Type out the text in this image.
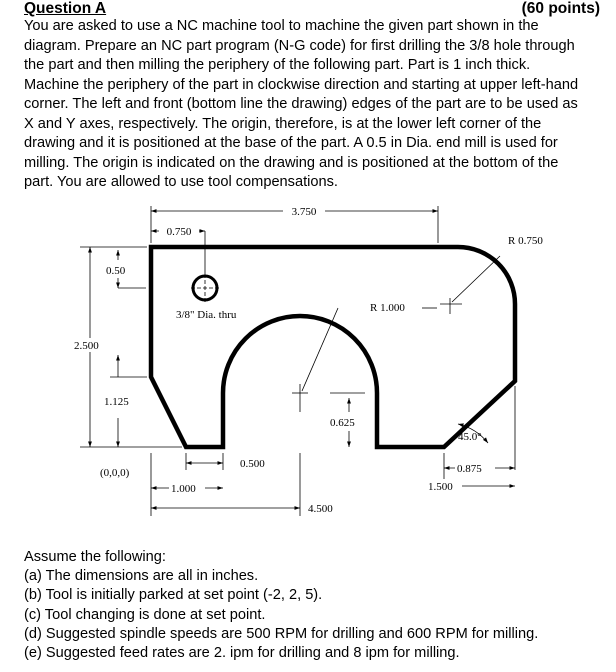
Question A	(60 points)
You are asked to use a NC machine tool to machine the given part shown in the
diagram. Prepare an NC part program (N-G code) for first drilling the 3/8 hole through
the part and then milling the periphery of the following part. Part is 1 inch thick.
Machine the periphery of the part in clockwise direction and starting at upper left-hand
corner. The left and front (bottom line the drawing) edges of the part are to be used as
X and Y axes, respectively. The origin, therefore, is at the lower left corner of the
drawing and it is positioned at the base of the part. A 0.5 in Dia. end mill is used for
milling. The origin is indicated on the drawing and is positioned at the bottom of the
part. You are allowed to use tool compensations.
3.750
0.750
R 0.750
0.50
3/8" Dia. thru
R 1.000
2.500
1.125
0.625
45.0°
0.500
(0,0,0)
1.000
0.875
1.500
4.500
Assume the following:
(a) The dimensions are all in inches.
(b) Tool is initially parked at set point (-2, 2, 5).
(c) Tool changing is done at set point.
(d) Suggested spindle speeds are 500 RPM for drilling and 600 RPM for milling.
(e) Suggested feed rates are 2. ipm for drilling and 8 ipm for milling.
